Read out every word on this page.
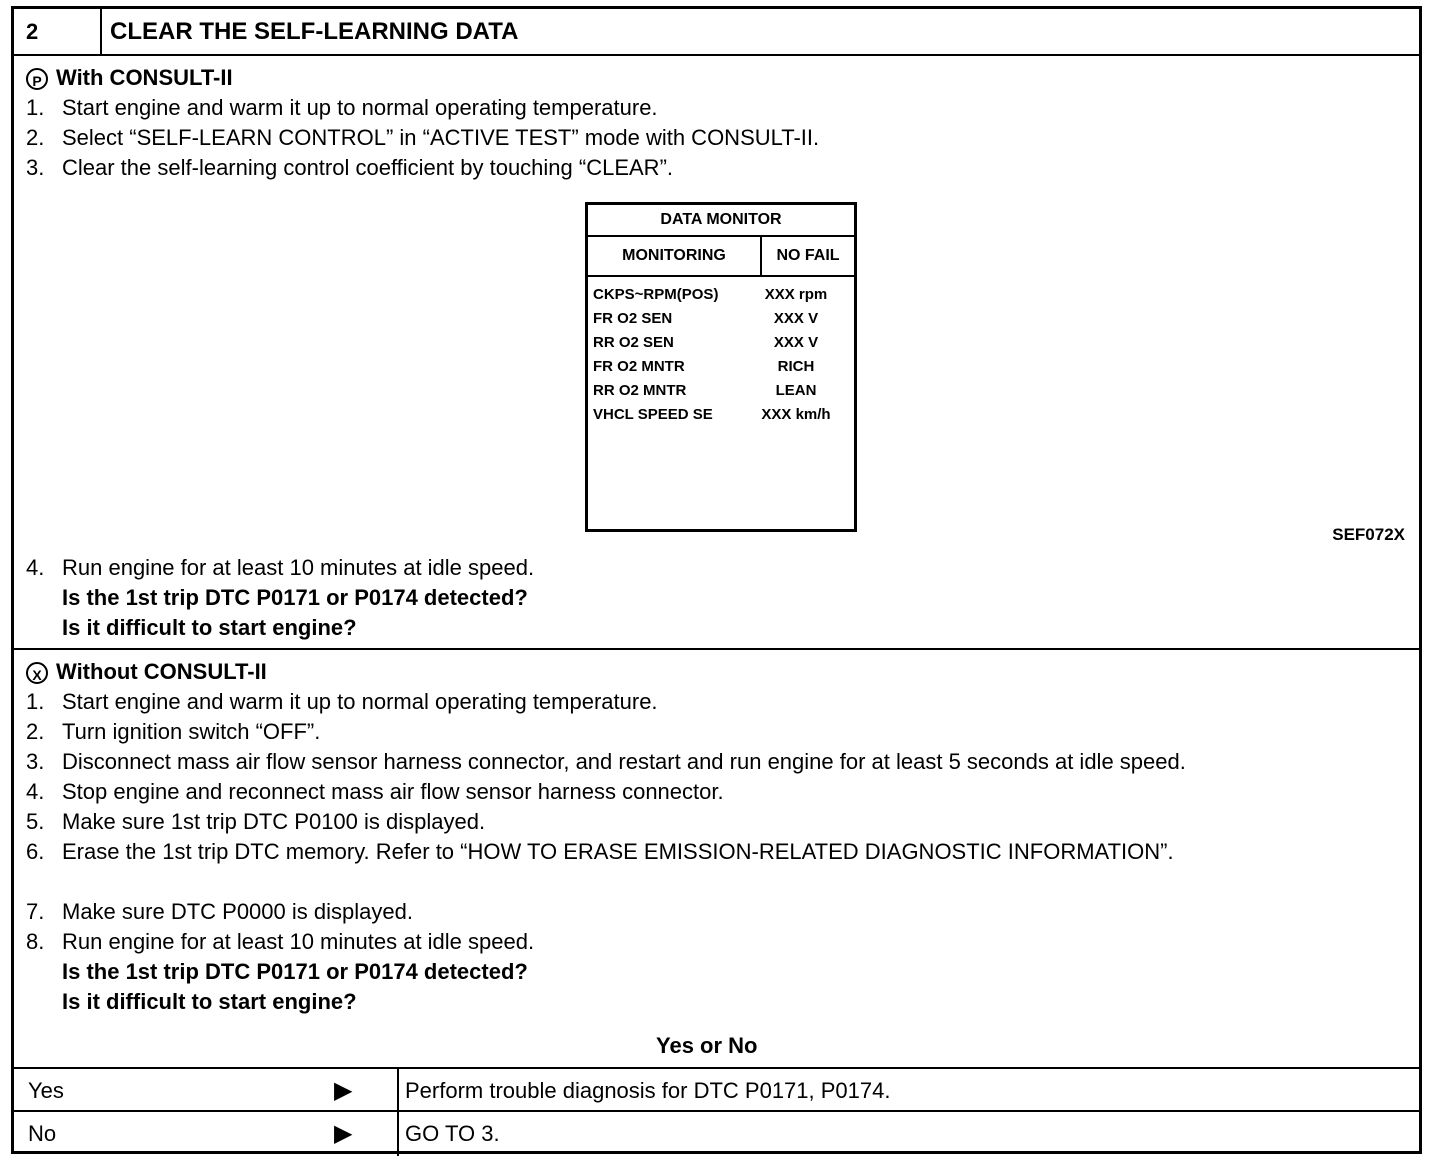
2	CLEAR THE SELF-LEARNING DATA
P With CONSULT-II
1. Start engine and warm it up to normal operating temperature.
2. Select “SELF-LEARN CONTROL” in “ACTIVE TEST” mode with CONSULT-II.
3. Clear the self-learning control coefficient by touching “CLEAR”.
DATA MONITOR
MONITORING	NO FAIL
CKPS~RPM(POS)	XXX rpm
FR O2 SEN	XXX V
RR O2 SEN	XXX V
FR O2 MNTR	RICH
RR O2 MNTR	LEAN
VHCL SPEED SE	XXX km/h
SEF072X
4. Run engine for at least 10 minutes at idle speed.
Is the 1st trip DTC P0171 or P0174 detected?
Is it difficult to start engine?
X Without CONSULT-II
1. Start engine and warm it up to normal operating temperature.
2. Turn ignition switch “OFF”.
3. Disconnect mass air flow sensor harness connector, and restart and run engine for at least 5 seconds at idle speed.
4. Stop engine and reconnect mass air flow sensor harness connector.
5. Make sure 1st trip DTC P0100 is displayed.
6. Erase the 1st trip DTC memory. Refer to “HOW TO ERASE EMISSION-RELATED DIAGNOSTIC INFORMATION”.
7. Make sure DTC P0000 is displayed.
8. Run engine for at least 10 minutes at idle speed.
Is the 1st trip DTC P0171 or P0174 detected?
Is it difficult to start engine?
Yes or No
Yes	▶ Perform trouble diagnosis for DTC P0171, P0174.
No	▶ GO TO 3.
